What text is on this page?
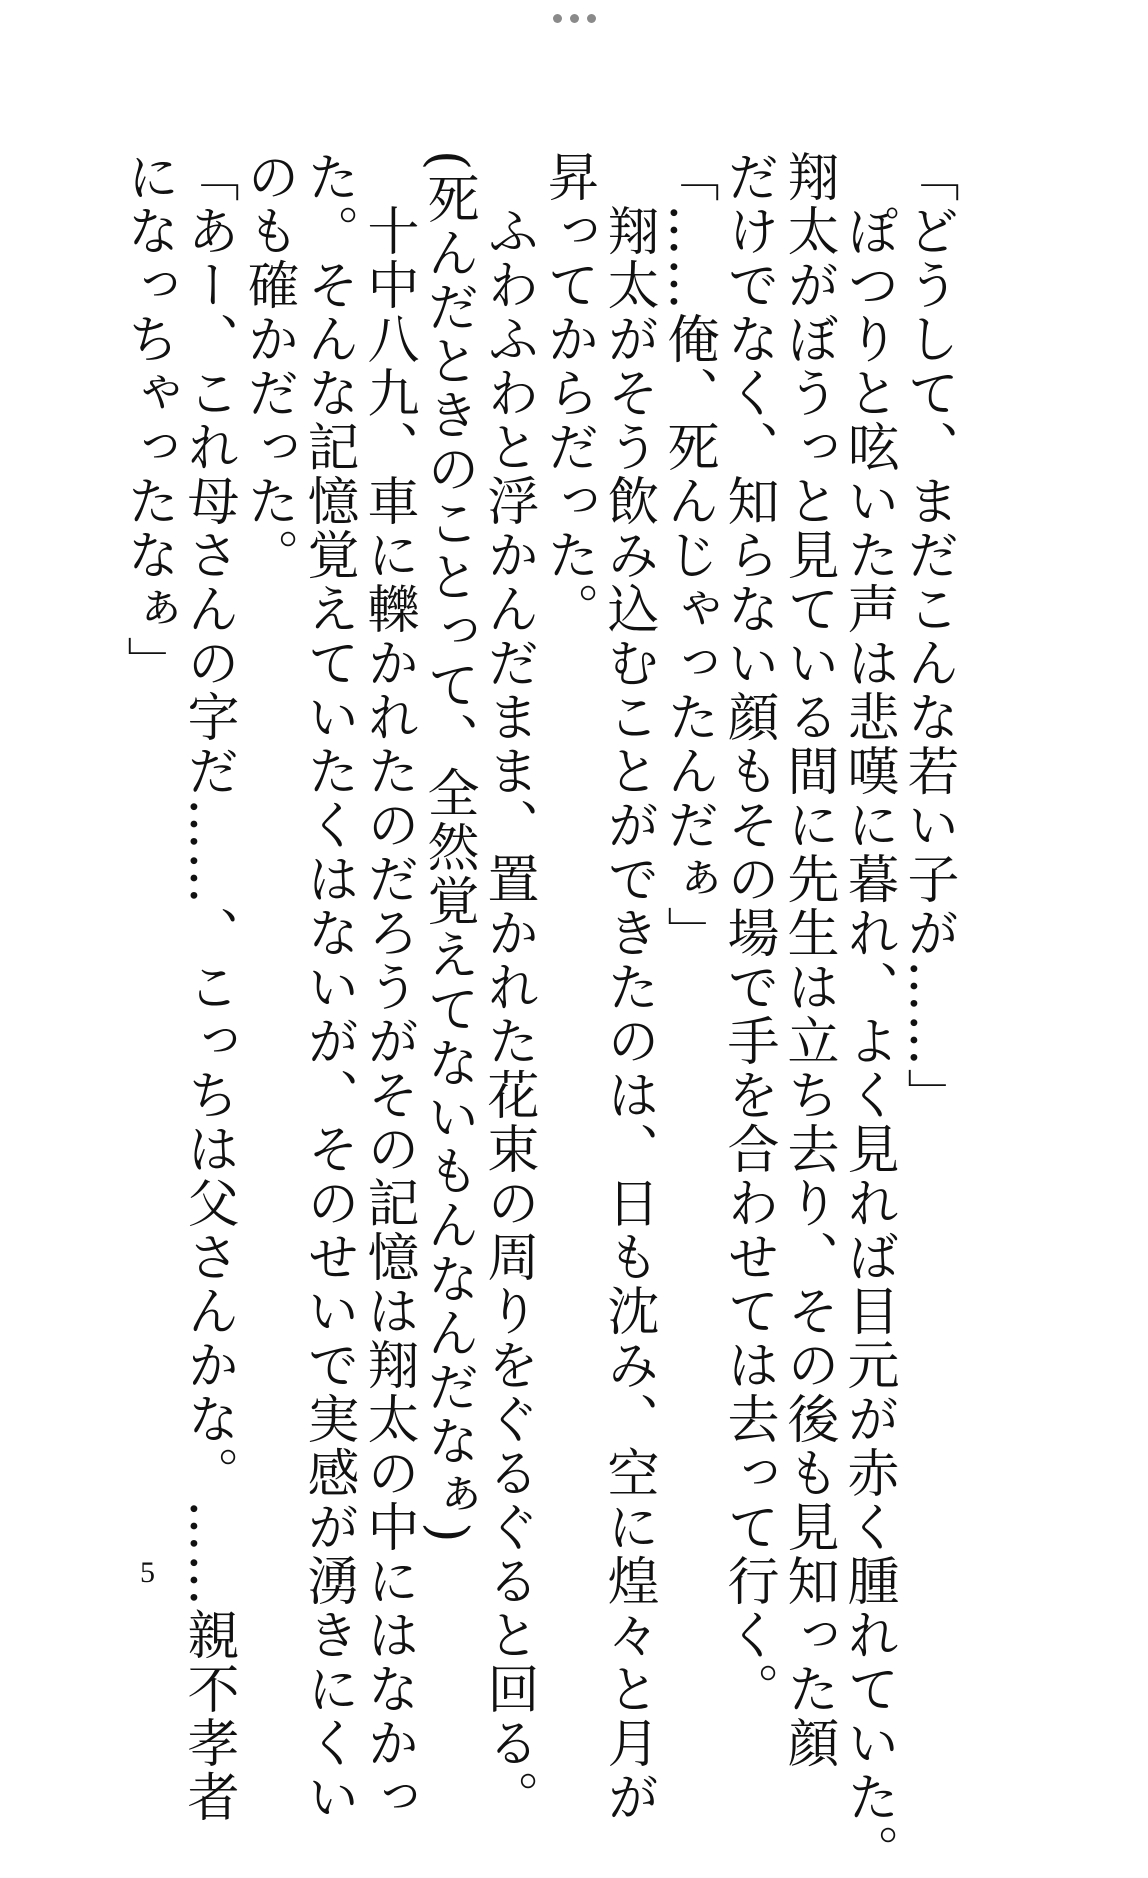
「どうして、まだこんな若い子が……」
　ぽつりと呟いた声は悲嘆に暮れ、よく見れば目元が赤く腫れていた。
翔太がぼうっと見ている間に先生は立ち去り、その後も見知った顔
だけでなく、知らない顔もその場で手を合わせては去って行く。
「……俺、死んじゃったんだぁ」
　翔太がそう飲み込むことができたのは、日も沈み、空に煌々と月が
昇ってからだった。
　ふわふわと浮かんだまま、置かれた花束の周りをぐるぐると回る。
(死んだときのことって、全然覚えてないもんなんだなぁ)
　十中八九、車に轢かれたのだろうがその記憶は翔太の中にはなかっ
た。そんな記憶覚えていたくはないが、そのせいで実感が湧きにくい
のも確かだった。
「あー、これ母さんの字だ……、こっちは父さんかな。……親不孝者
になっちゃったなぁ」
5
